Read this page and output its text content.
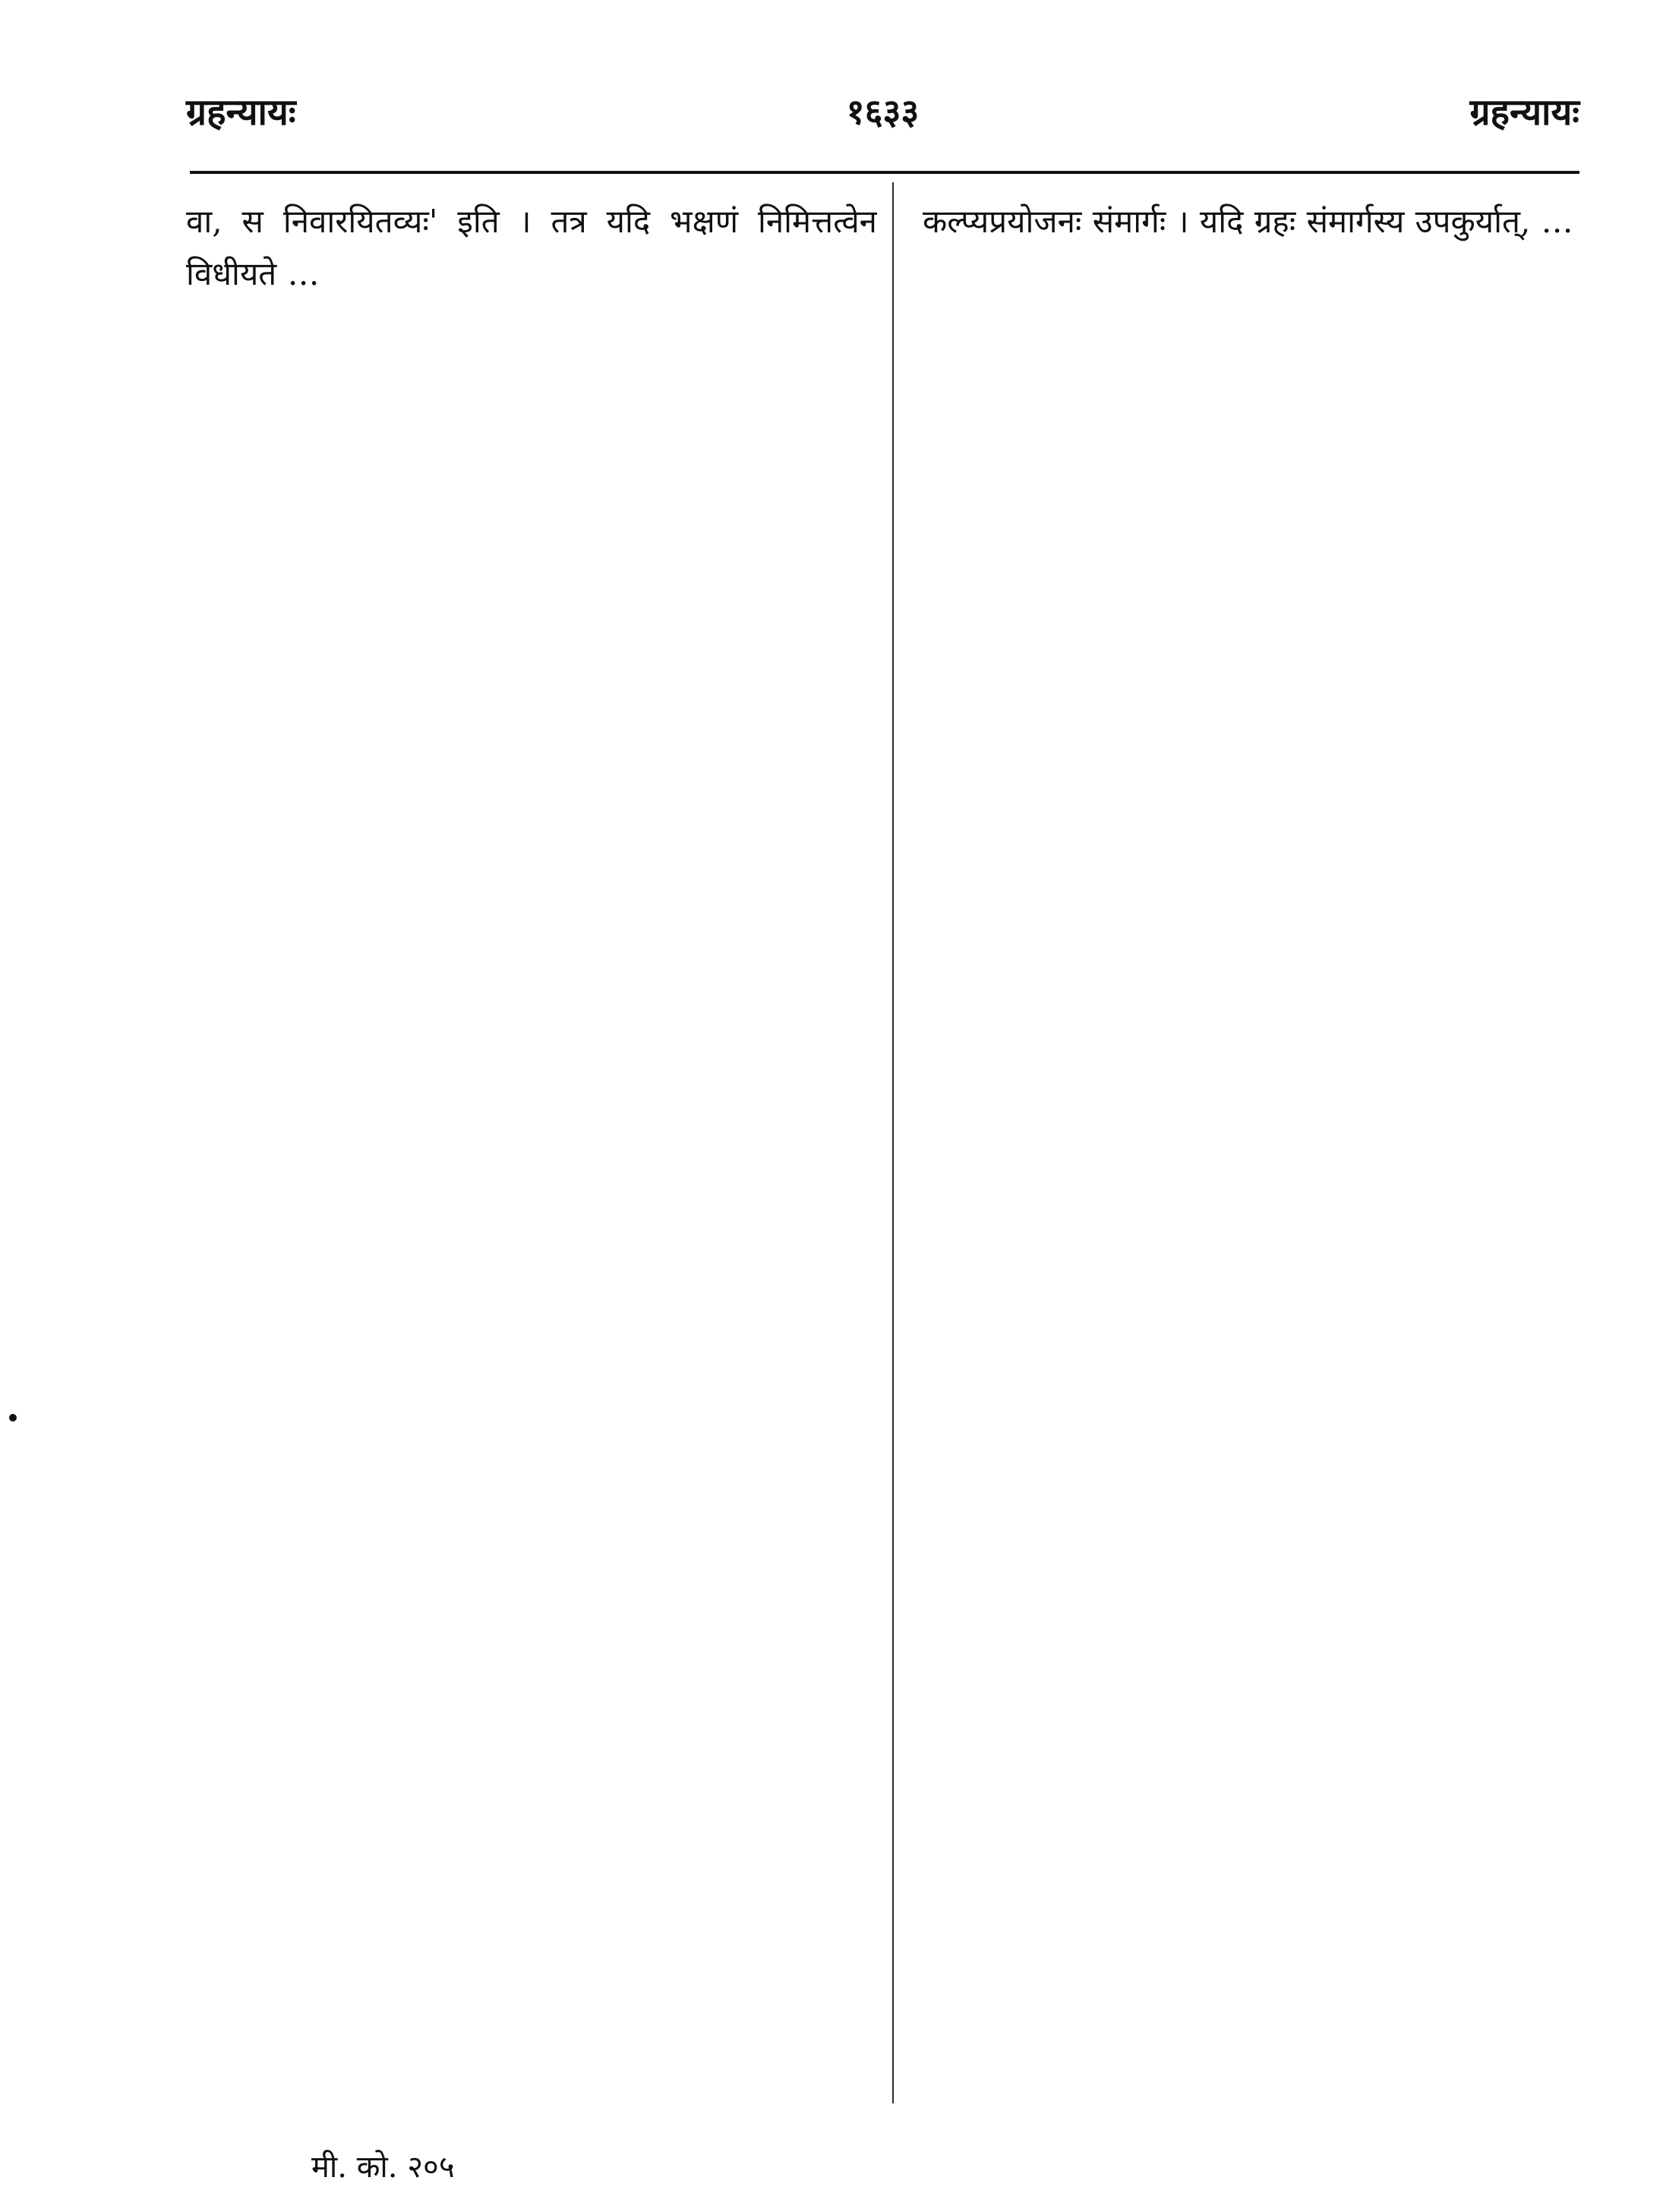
ग्रहन्यायः	१६३३	ग्रहन्यायः

वा, स निवारयितव्यः' इति । तत्र यदि भक्षणं निमित्तत्वेन विधीयते …

कल्प्यप्रयोजनः संमार्गः । यदि ग्रहः संमार्गस्य उपकुर्यात्, …

मी. को. २०५
